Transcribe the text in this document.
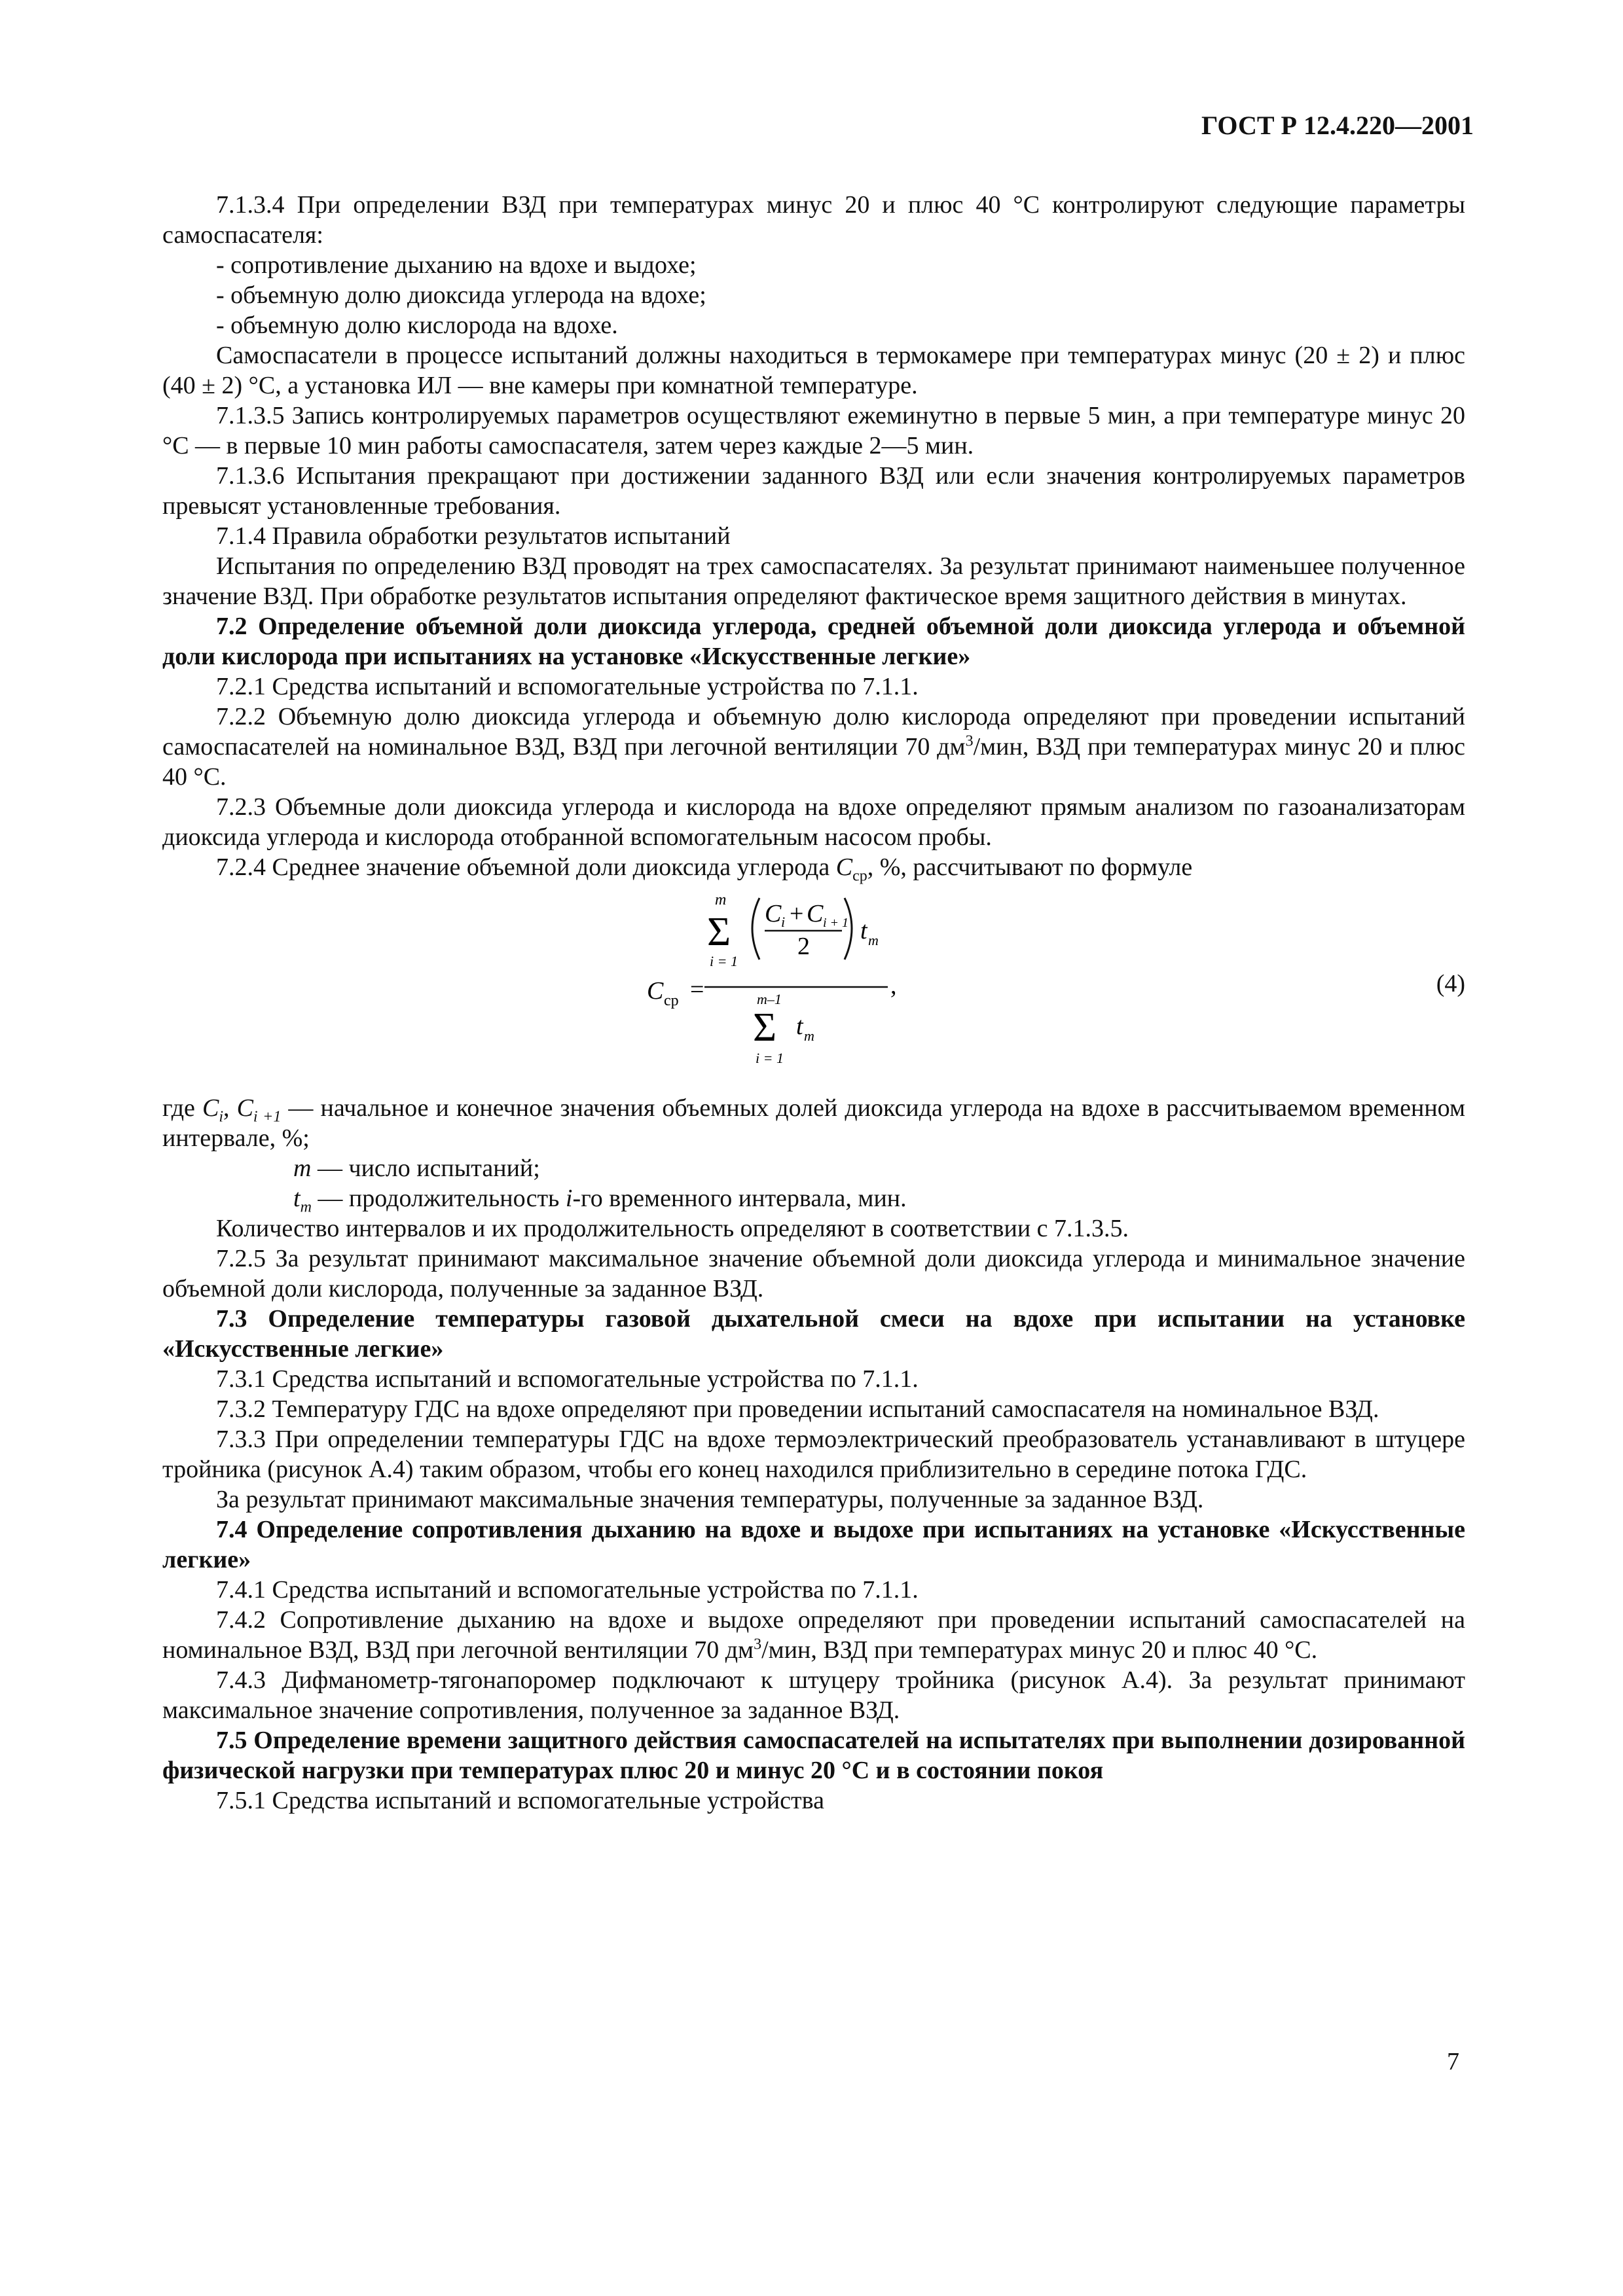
ГОСТ Р 12.4.220—2001

7.1.3.4 При определении ВЗД при температурах минус 20 и плюс 40 °С контролируют следующие параметры самоспасателя:

- сопротивление дыханию на вдохе и выдохе;

- объемную долю диоксида углерода на вдохе;

- объемную долю кислорода на вдохе.

Самоспасатели в процессе испытаний должны находиться в термокамере при температурах минус (20 ± 2) и плюс (40 ± 2) °С, а установка ИЛ — вне камеры при комнатной температуре.

7.1.3.5 Запись контролируемых параметров осуществляют ежеминутно в первые 5 мин, а при температуре минус 20 °С — в первые 10 мин работы самоспасателя, затем через каждые 2—5 мин.

7.1.3.6 Испытания прекращают при достижении заданного ВЗД или если значения контролируемых параметров превысят установленные требования.

7.1.4 Правила обработки результатов испытаний

Испытания по определению ВЗД проводят на трех самоспасателях. За результат принимают наименьшее полученное значение ВЗД. При обработке результатов испытания определяют фактическое время защитного действия в минутах.

7.2 Определение объемной доли диоксида углерода, средней объемной доли диоксида углерода и объемной доли кислорода при испытаниях на установке «Искусственные легкие»

7.2.1 Средства испытаний и вспомогательные устройства по 7.1.1.

7.2.2 Объемную долю диоксида углерода и объемную долю кислорода определяют при проведении испытаний самоспасателей на номинальное ВЗД, ВЗД при легочной вентиляции 70 $дм^3$/мин, ВЗД при температурах минус 20 и плюс 40 °С.

7.2.3 Объемные доли диоксида углерода и кислорода на вдохе определяют прямым анализом по газоанализаторам диоксида углерода и кислорода отобранной вспомогательным насосом пробы.

7.2.4 Среднее значение объемной доли диоксида углерода $C_{ср}$, %, рассчитывают по формуле

C ср =
m
Σ
i = 1
C i + C i + 1
2
t m
,
m–1
Σ
i = 1
t m
(4)

где $C_i$, $C_{i +1}$ — начальное и конечное значения объемных долей диоксида углерода на вдохе в рассчитываемом временном интервале, %;

m — число испытаний;

$t_m$ — продолжительность i-го временного интервала, мин.

Количество интервалов и их продолжительность определяют в соответствии с 7.1.3.5.

7.2.5 За результат принимают максимальное значение объемной доли диоксида углерода и минимальное значение объемной доли кислорода, полученные за заданное ВЗД.

7.3 Определение температуры газовой дыхательной смеси на вдохе при испытании на установке «Искусственные легкие»

7.3.1 Средства испытаний и вспомогательные устройства по 7.1.1.

7.3.2 Температуру ГДС на вдохе определяют при проведении испытаний самоспасателя на номинальное ВЗД.

7.3.3 При определении температуры ГДС на вдохе термоэлектрический преобразователь устанавливают в штуцере тройника (рисунок А.4) таким образом, чтобы его конец находился приблизительно в середине потока ГДС.

За результат принимают максимальные значения температуры, полученные за заданное ВЗД.

7.4 Определение сопротивления дыханию на вдохе и выдохе при испытаниях на установке «Искусственные легкие»

7.4.1 Средства испытаний и вспомогательные устройства по 7.1.1.

7.4.2 Сопротивление дыханию на вдохе и выдохе определяют при проведении испытаний самоспасателей на номинальное ВЗД, ВЗД при легочной вентиляции 70 $дм^3$/мин, ВЗД при температурах минус 20 и плюс 40 °С.

7.4.3 Дифманометр-тягонапоромер подключают к штуцеру тройника (рисунок А.4). За результат принимают максимальное значение сопротивления, полученное за заданное ВЗД.

7.5 Определение времени защитного действия самоспасателей на испытателях при выполнении дозированной физической нагрузки при температурах плюс 20 и минус 20 °С и в состоянии покоя

7.5.1 Средства испытаний и вспомогательные устройства

7
